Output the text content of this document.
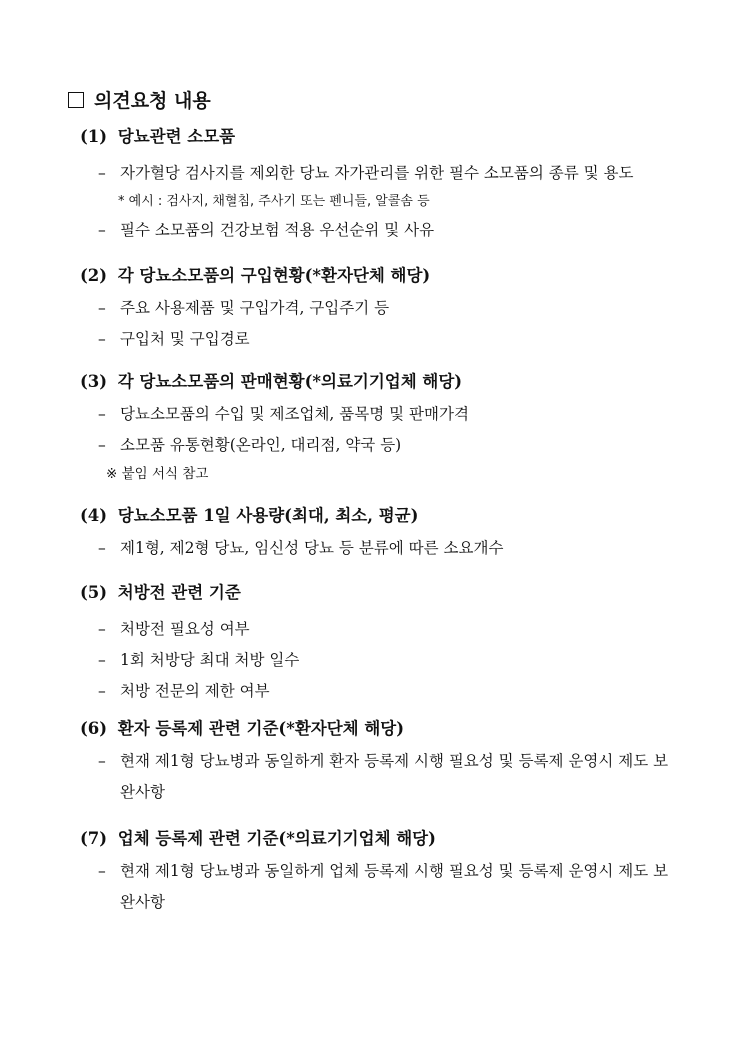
의견요청 내용
(1) 당뇨관련 소모품
– 자가혈당 검사지를 제외한 당뇨 자가관리를 위한 필수 소모품의 종류 및 용도
* 예시 : 검사지, 채혈침, 주사기 또는 펜니들, 알콜솜 등
– 필수 소모품의 건강보험 적용 우선순위 및 사유
(2) 각 당뇨소모품의 구입현황(*환자단체 해당)
– 주요 사용제품 및 구입가격, 구입주기 등
– 구입처 및 구입경로
(3) 각 당뇨소모품의 판매현황(*의료기기업체 해당)
– 당뇨소모품의 수입 및 제조업체, 품목명 및 판매가격
– 소모품 유통현황(온라인, 대리점, 약국 등)
※ 붙임 서식 참고
(4) 당뇨소모품 1일 사용량(최대, 최소, 평균)
– 제1형, 제2형 당뇨, 임신성 당뇨 등 분류에 따른 소요개수
(5) 처방전 관련 기준
– 처방전 필요성 여부
– 1회 처방당 최대 처방 일수
– 처방 전문의 제한 여부
(6) 환자 등록제 관련 기준(*환자단체 해당)
– 현재 제1형 당뇨병과 동일하게 환자 등록제 시행 필요성 및 등록제 운영시 제도 보완사항
(7) 업체 등록제 관련 기준(*의료기기업체 해당)
– 현재 제1형 당뇨병과 동일하게 업체 등록제 시행 필요성 및 등록제 운영시 제도 보완사항
